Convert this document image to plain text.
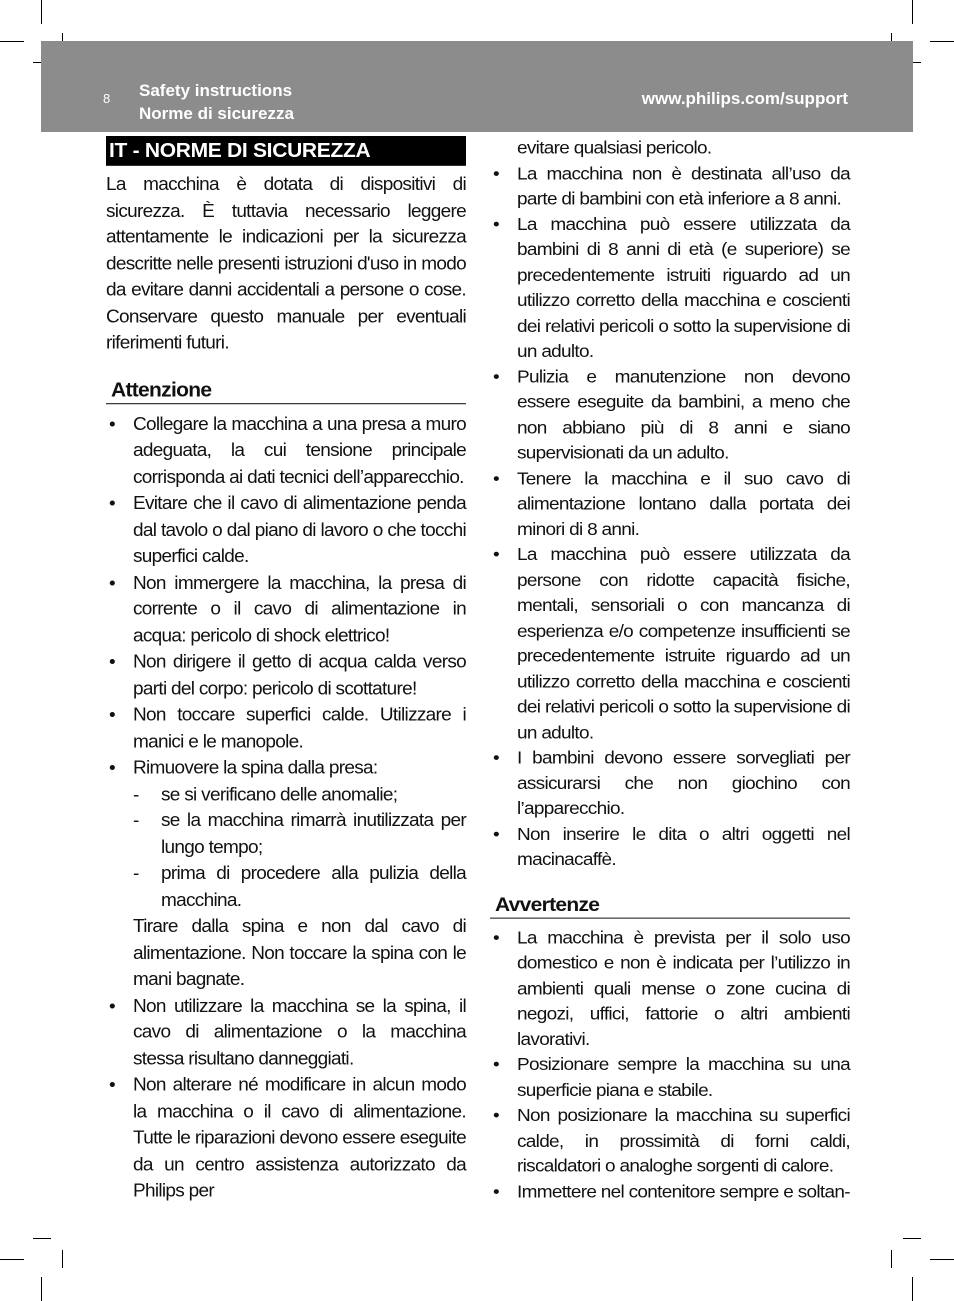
8 Safety instructions
Norme di sicurezza
www.philips.com/support
IT - NORME DI SICUREZZA
La macchina è dotata di dispositivi di sicurezza. È tuttavia necessario leggere attentamente le indicazioni per la sicurezza descritte nelle presenti istruzioni d'uso in modo da evitare danni accidentali a persone o cose. Conservare questo manuale per eventuali riferimenti futuri.
Attenzione
• Collegare la macchina a una presa a muro adeguata, la cui tensione principale corrisponda ai dati tecnici dell’apparecchio.
• Evitare che il cavo di alimentazione penda dal tavolo o dal piano di lavoro o che tocchi superfici calde.
• Non immergere la macchina, la presa di corrente o il cavo di alimentazione in acqua: pericolo di shock elettrico!
• Non dirigere il getto di acqua calda verso parti del corpo: pericolo di scottature!
• Non toccare superfici calde. Utilizzare i manici e le manopole.
• Rimuovere la spina dalla presa:
- se si verificano delle anomalie;
- se la macchina rimarrà inutilizzata per lungo tempo;
- prima di procedere alla pulizia della macchina.
Tirare dalla spina e non dal cavo di alimentazione. Non toccare la spina con le mani bagnate.
• Non utilizzare la macchina se la spina, il cavo di alimentazione o la macchina stessa risultano danneggiati.
• Non alterare né modificare in alcun modo la macchina o il cavo di alimentazione. Tutte le riparazioni devono essere eseguite da un centro assistenza autorizzato da Philips per
evitare qualsiasi pericolo.
• La macchina non è destinata all’uso da parte di bambini con età inferiore a 8 anni.
• La macchina può essere utilizzata da bambini di 8 anni di età (e superiore) se precedentemente istruiti riguardo ad un utilizzo corretto della macchina e coscienti dei relativi pericoli o sotto la supervisione di un adulto.
• Pulizia e manutenzione non devono essere eseguite da bambini, a meno che non abbiano più di 8 anni e siano supervisionati da un adulto.
• Tenere la macchina e il suo cavo di alimentazione lontano dalla portata dei minori di 8 anni.
• La macchina può essere utilizzata da persone con ridotte capacità fisiche, mentali, sensoriali o con mancanza di esperienza e/o competenze insufficienti se precedentemente istruite riguardo ad un utilizzo corretto della macchina e coscienti dei relativi pericoli o sotto la supervisione di un adulto.
• I bambini devono essere sorvegliati per assicurarsi che non giochino con l’apparecchio.
• Non inserire le dita o altri oggetti nel macinacaffè.
Avvertenze
• La macchina è prevista per il solo uso domestico e non è indicata per l’utilizzo in ambienti quali mense o zone cucina di negozi, uffici, fattorie o altri ambienti lavorativi.
• Posizionare sempre la macchina su una superficie piana e stabile.
• Non posizionare la macchina su superfici calde, in prossimità di forni caldi, riscaldatori o analoghe sorgenti di calore.
• Immettere nel contenitore sempre e soltan-
